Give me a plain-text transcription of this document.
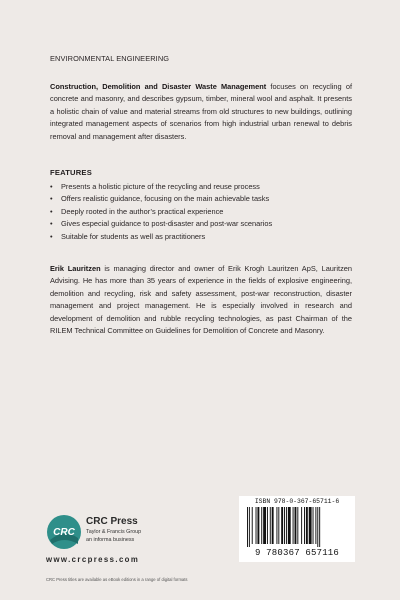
ENVIRONMENTAL ENGINEERING
Construction, Demolition and Disaster Waste Management focuses on recycling of concrete and masonry, and describes gypsum, timber, mineral wool and asphalt. It presents a holistic chain of value and material streams from old structures to new buildings, outlining integrated management aspects of scenarios from high industrial urban renewal to debris removal and management after disasters.
FEATURES
• Presents a holistic picture of the recycling and reuse process
• Offers realistic guidance, focusing on the main achievable tasks
• Deeply rooted in the author’s practical experience
• Gives especial guidance to post-disaster and post-war scenarios
• Suitable for students as well as practitioners
Erik Lauritzen is managing director and owner of Erik Krogh Lauritzen ApS, Lauritzen Advising. He has more than 35 years of experience in the fields of explosive engineering, demolition and recycling, risk and safety assessment, post-war reconstruction, disaster management and project management. He is especially involved in research and development of demolition and rubble recycling technologies, as past Chairman of the RILEM Technical Committee on Guidelines for Demolition of Concrete and Masonry.
CRC
CRC Press
Taylor & Francis Group
an informa business
www.crcpress.com
CRC Press titles are available as eBook editions in a range of digital formats
ISBN 978-0-367-65711-6
9 780367 657116
